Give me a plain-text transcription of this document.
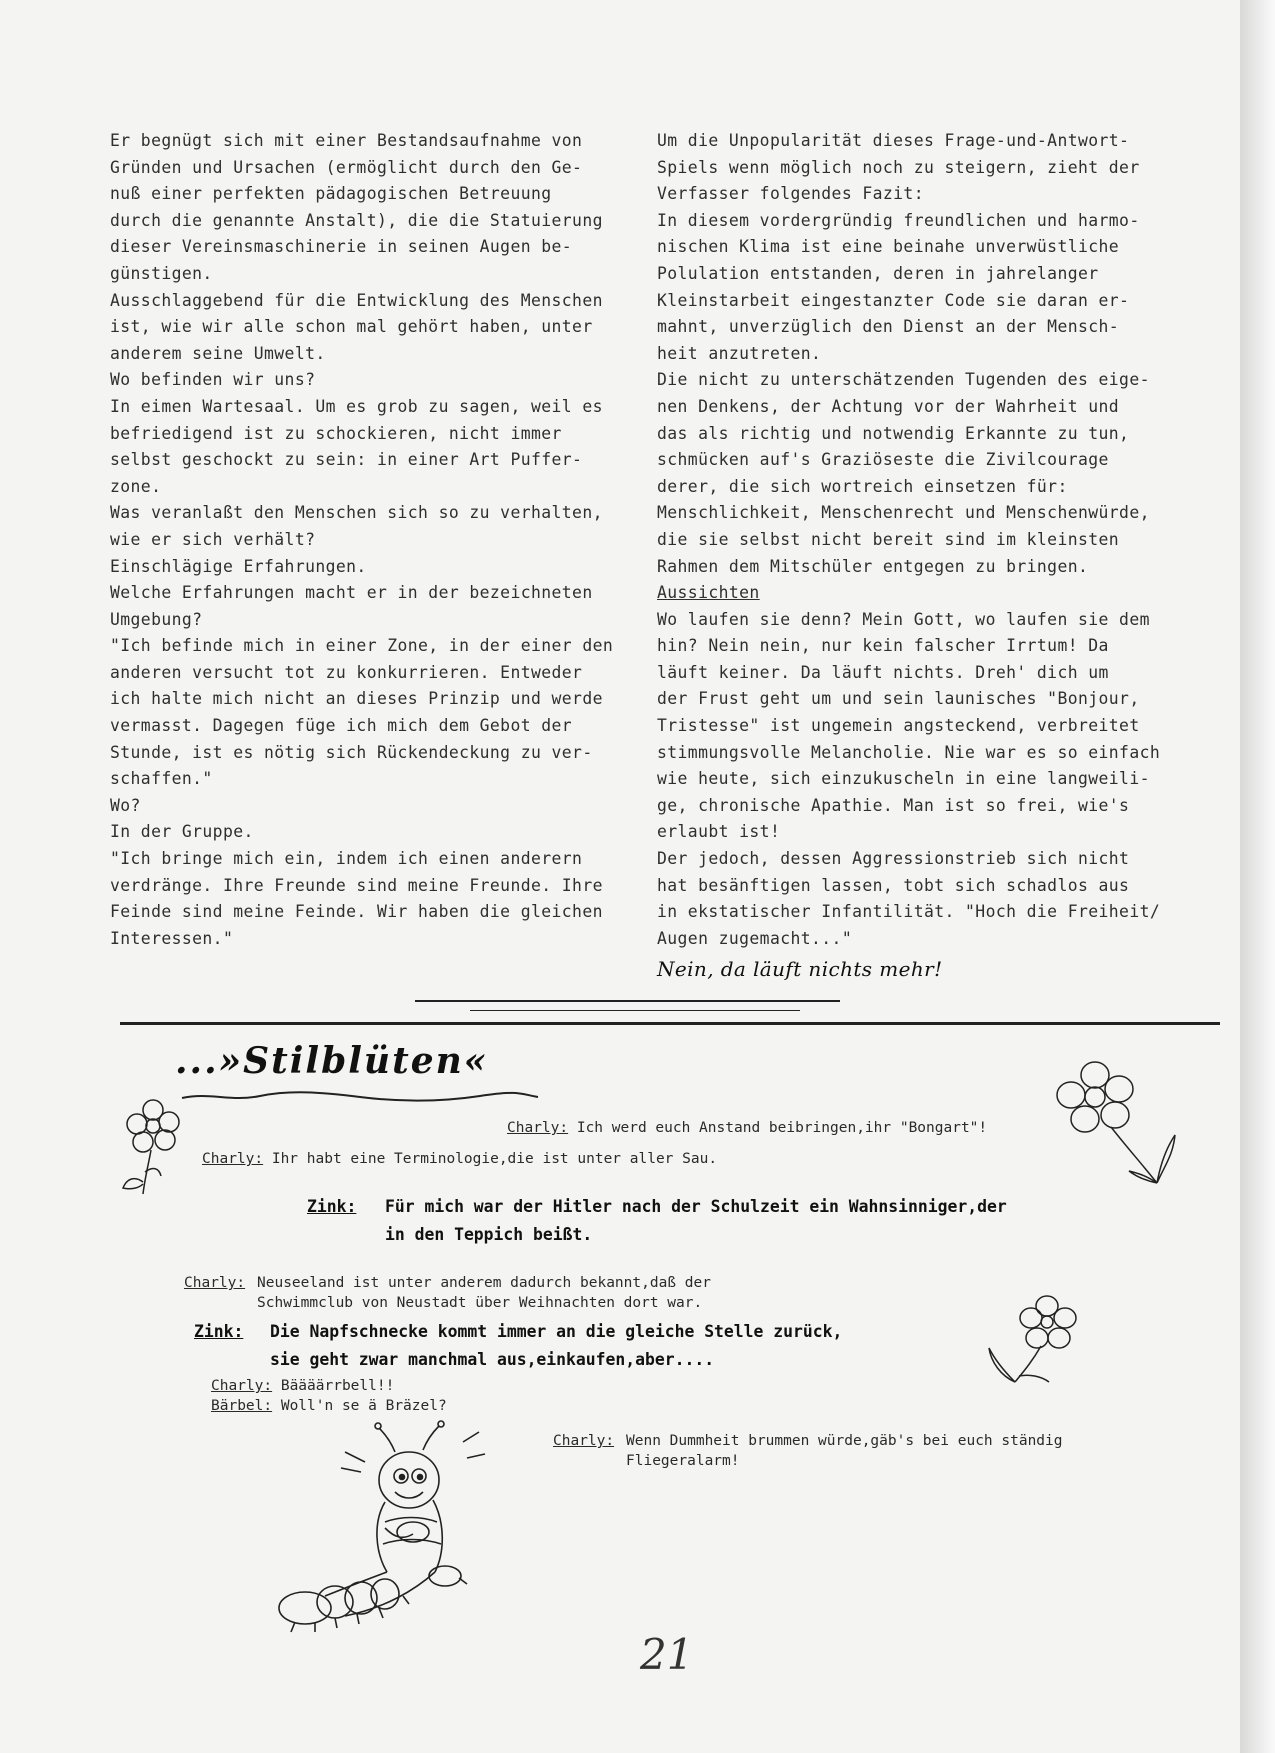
Er begnügt sich mit einer Bestandsaufnahme von
Gründen und Ursachen (ermöglicht durch den Ge-
nuß einer perfekten pädagogischen Betreuung
durch die genannte Anstalt), die die Statuierung
dieser Vereinsmaschinerie in seinen Augen be-
günstigen.
Ausschlaggebend für die Entwicklung des Menschen
ist, wie wir alle schon mal gehört haben, unter
anderem seine Umwelt.
Wo befinden wir uns?
In eimen Wartesaal. Um es grob zu sagen, weil es
befriedigend ist zu schockieren, nicht immer
selbst geschockt zu sein: in einer Art Puffer-
zone.
Was veranlaßt den Menschen sich so zu verhalten,
wie er sich verhält?
Einschlägige Erfahrungen.
Welche Erfahrungen macht er in der bezeichneten
Umgebung?
"Ich befinde mich in einer Zone, in der einer den
anderen versucht tot zu konkurrieren. Entweder
ich halte mich nicht an dieses Prinzip und werde
vermasst. Dagegen füge ich mich dem Gebot der
Stunde, ist es nötig sich Rückendeckung zu ver-
schaffen."
Wo?
In der Gruppe.
"Ich bringe mich ein, indem ich einen anderern
verdränge. Ihre Freunde sind meine Freunde. Ihre
Feinde sind meine Feinde. Wir haben die gleichen
Interessen."
Um die Unpopularität dieses Frage-und-Antwort-
Spiels wenn möglich noch zu steigern, zieht der
Verfasser folgendes Fazit:
In diesem vordergründig freundlichen und harmo-
nischen Klima ist eine beinahe unverwüstliche
Polulation entstanden, deren in jahrelanger
Kleinstarbeit eingestanzter Code sie daran er-
mahnt, unverzüglich den Dienst an der Mensch-
heit anzutreten.
Die nicht zu unterschätzenden Tugenden des eige-
nen Denkens, der Achtung vor der Wahrheit und
das als richtig und notwendig Erkannte zu tun,
schmücken auf's Graziöseste die Zivilcourage
derer, die sich wortreich einsetzen für:
Menschlichkeit, Menschenrecht und Menschenwürde,
die sie selbst nicht bereit sind im kleinsten
Rahmen dem Mitschüler entgegen zu bringen.
Aussichten
Wo laufen sie denn? Mein Gott, wo laufen sie dem
hin? Nein nein, nur kein falscher Irrtum! Da
läuft keiner. Da läuft nichts. Dreh' dich um
der Frust geht um und sein launisches "Bonjour,
Tristesse" ist ungemein angsteckend, verbreitet
stimmungsvolle Melancholie. Nie war es so einfach
wie heute, sich einzukuscheln in eine langweili-
ge, chronische Apathie. Man ist so frei, wie's
erlaubt ist!
Der jedoch, dessen Aggressionstrieb sich nicht
hat besänftigen lassen, tobt sich schadlos aus
in ekstatischer Infantilität. "Hoch die Freiheit/
Augen zugemacht..."
Nein, da läuft nichts mehr!
...»Stilblüten«
Charly: Ich werd euch Anstand beibringen,ihr "Bongart"!
Charly: Ihr habt eine Terminologie,die ist unter aller Sau.
Zink:	Für mich war der Hitler nach der Schulzeit ein Wahnsinniger,der
in den Teppich beißt.
Charly: Neuseeland ist unter anderem dadurch bekannt,daß der
Schwimmclub von Neustadt über Weihnachten dort war.
Zink:	Die Napfschnecke kommt immer an die gleiche Stelle zurück,
sie geht zwar manchmal aus,einkaufen,aber....
Charly: Bäääärrbell!!
Bärbel: Woll'n se ä Bräzel?
Charly: Wenn Dummheit brummen würde,gäb's bei euch ständig
Fliegeralarm!
21
